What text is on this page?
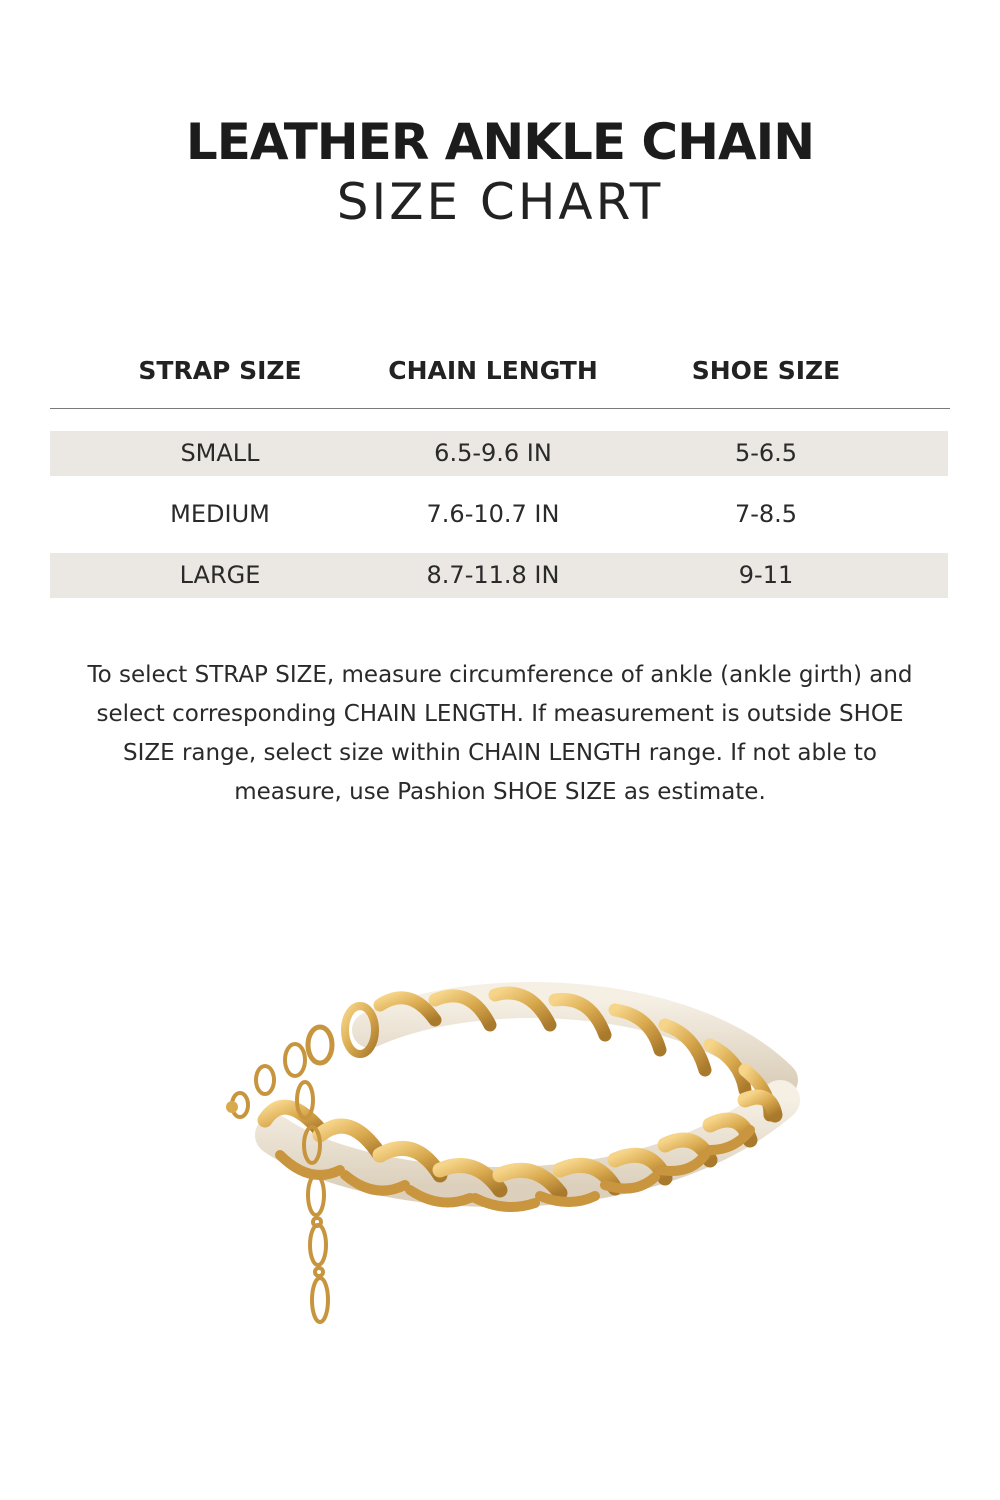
LEATHER ANKLE CHAIN
SIZE CHART
STRAP SIZE	CHAIN LENGTH	SHOE SIZE
SMALL	6.5-9.6 IN	5-6.5
MEDIUM	7.6-10.7 IN	7-8.5
LARGE	8.7-11.8 IN	9-11
To select STRAP SIZE, measure circumference of ankle (ankle girth) and select corresponding CHAIN LENGTH. If measurement is outside SHOE SIZE range, select size within CHAIN LENGTH range. If not able to measure, use Pashion SHOE SIZE as estimate.
